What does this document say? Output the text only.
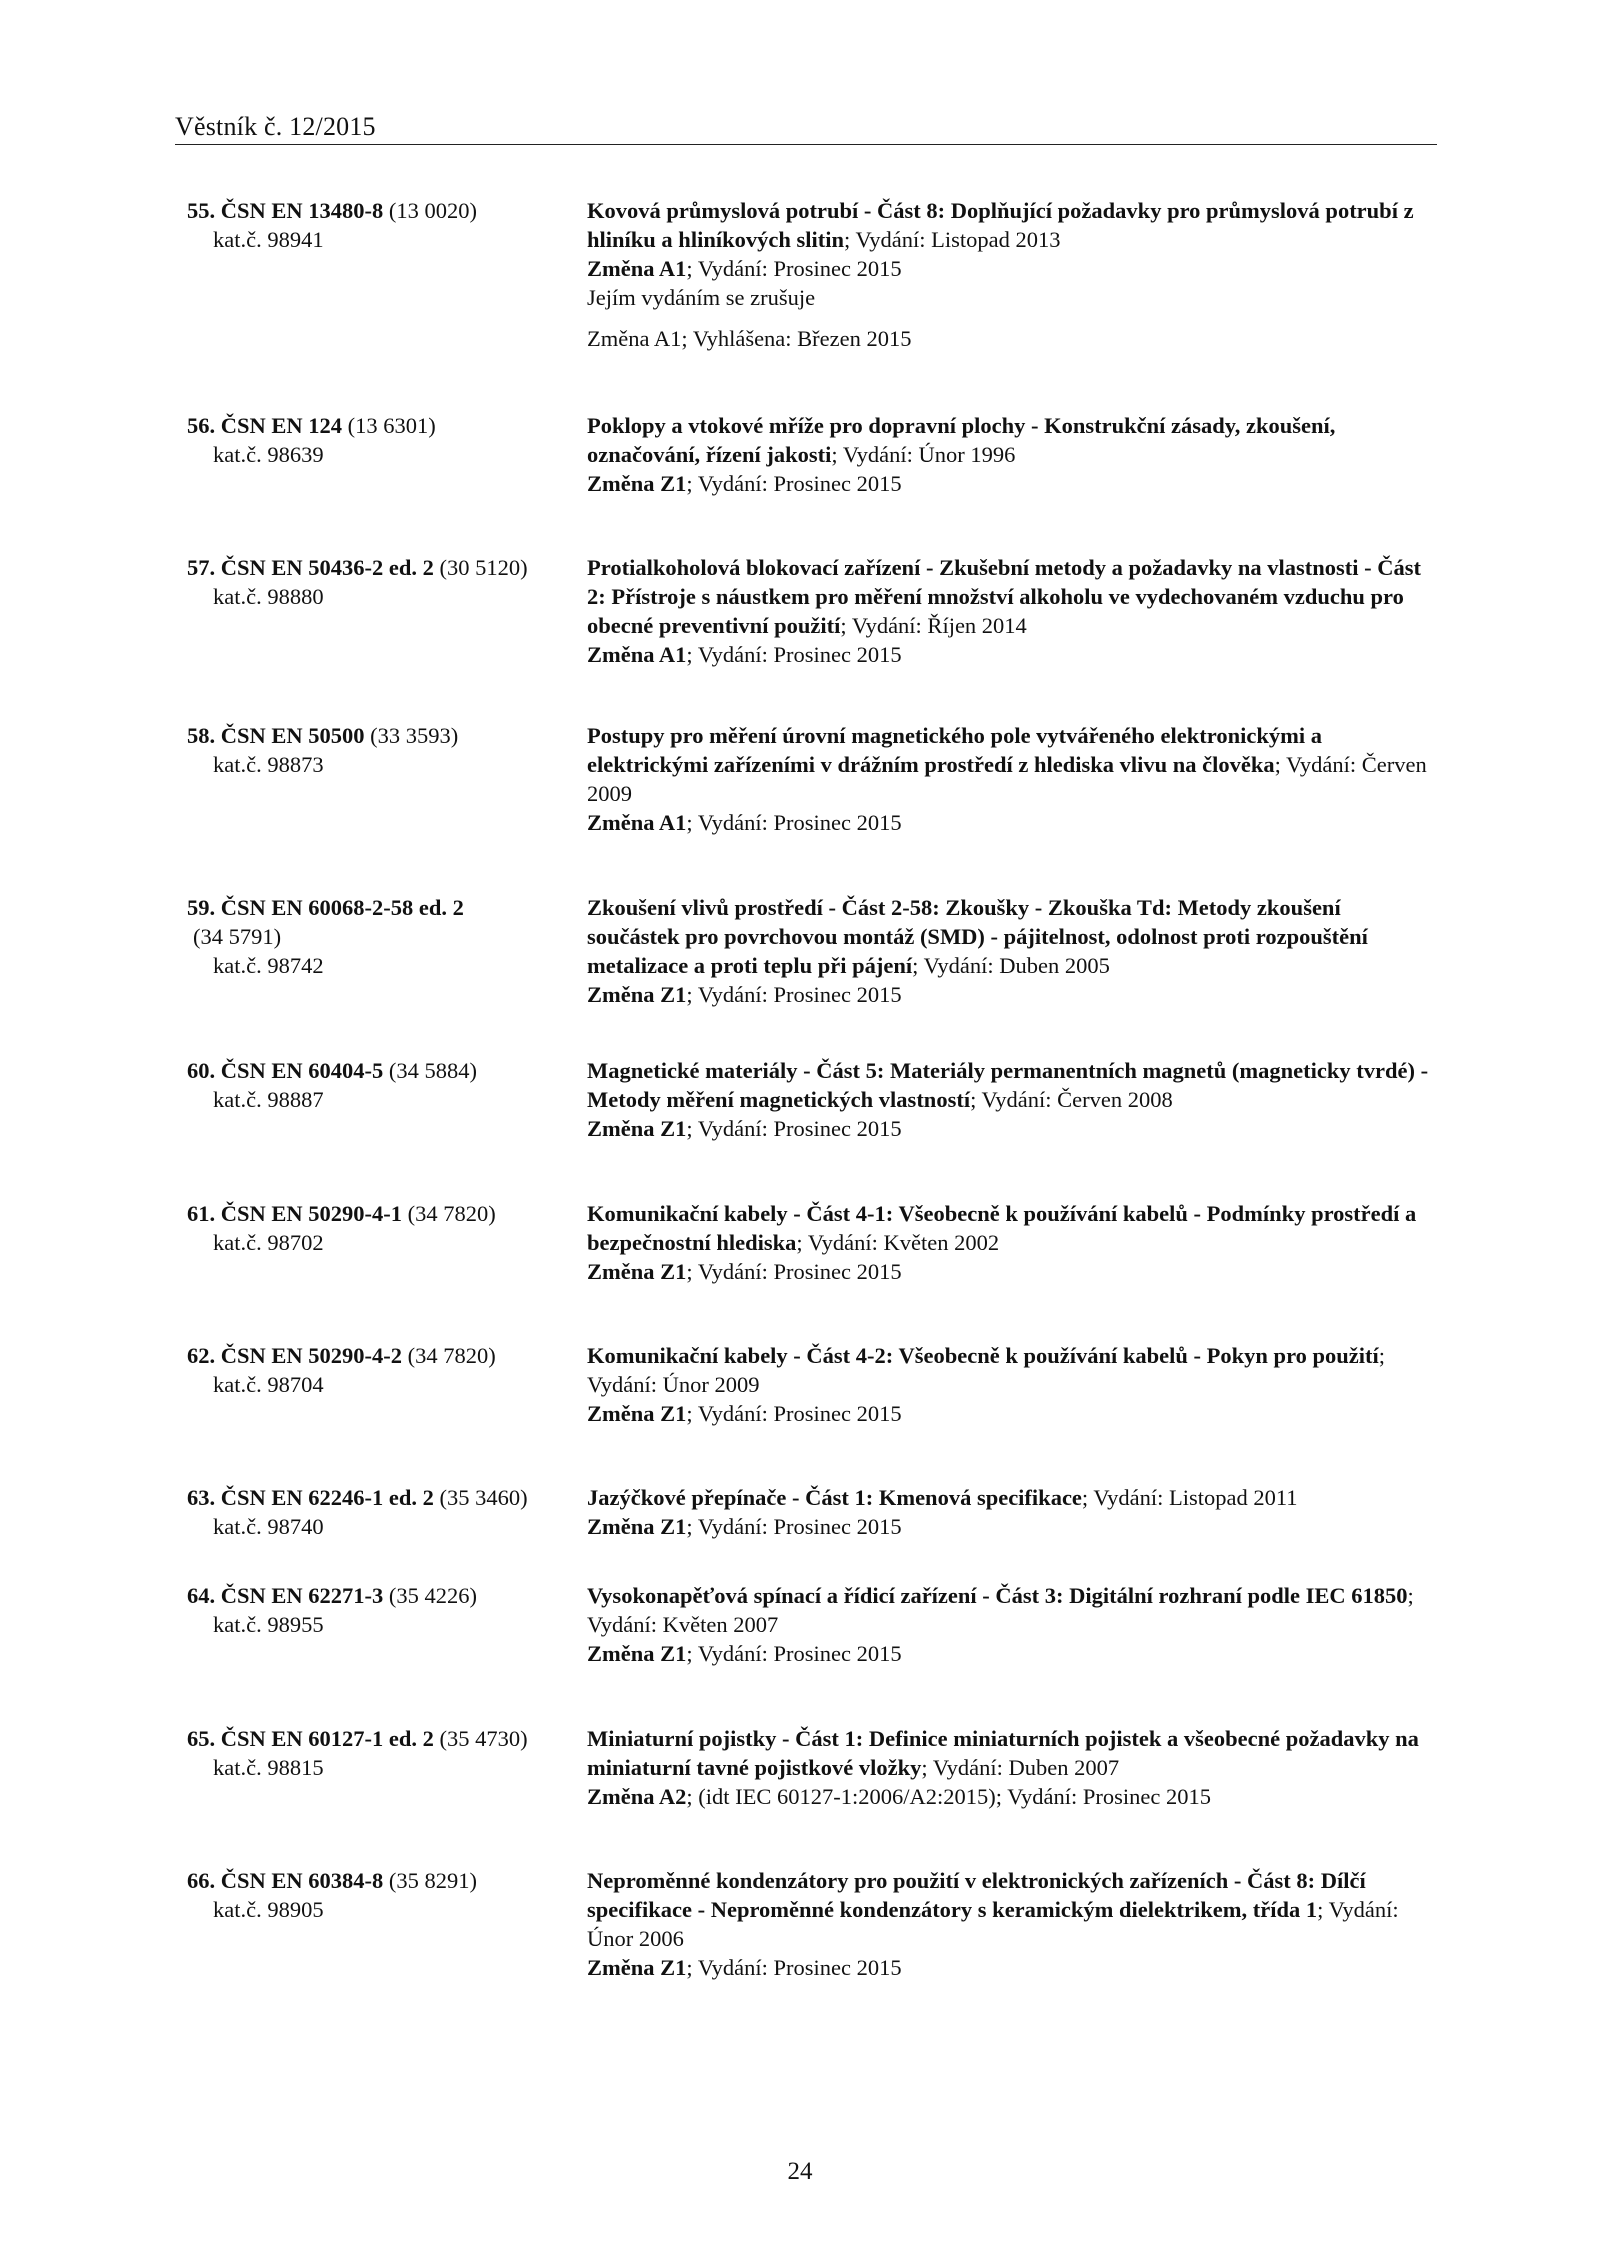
Věstník č. 12/2015
55. ČSN EN 13480-8 (13 0020)
kat.č. 98941
Kovová průmyslová potrubí - Část 8: Doplňující požadavky pro průmyslová potrubí z hliníku a hliníkových slitin; Vydání: Listopad 2013
Změna A1; Vydání: Prosinec 2015
Jejím vydáním se zrušuje
Změna A1; Vyhlášena: Březen 2015
56. ČSN EN 124 (13 6301)
kat.č. 98639
Poklopy a vtokové mříže pro dopravní plochy - Konstrukční zásady, zkoušení, označování, řízení jakosti; Vydání: Únor 1996
Změna Z1; Vydání: Prosinec 2015
57. ČSN EN 50436-2 ed. 2 (30 5120)
kat.č. 98880
Protialkoholová blokovací zařízení - Zkušební metody a požadavky na vlastnosti - Část 2: Přístroje s náustkem pro měření množství alkoholu ve vydechovaném vzduchu pro obecné preventivní použití; Vydání: Říjen 2014
Změna A1; Vydání: Prosinec 2015
58. ČSN EN 50500 (33 3593)
kat.č. 98873
Postupy pro měření úrovní magnetického pole vytvářeného elektronickými a elektrickými zařízeními v drážním prostředí z hlediska vlivu na člověka; Vydání: Červen 2009
Změna A1; Vydání: Prosinec 2015
59. ČSN EN 60068-2-58 ed. 2
(34 5791)
kat.č. 98742
Zkoušení vlivů prostředí - Část 2-58: Zkoušky - Zkouška Td: Metody zkoušení součástek pro povrchovou montáž (SMD) - pájitelnost, odolnost proti rozpouštění metalizace a proti teplu při pájení; Vydání: Duben 2005
Změna Z1; Vydání: Prosinec 2015
60. ČSN EN 60404-5 (34 5884)
kat.č. 98887
Magnetické materiály - Část 5: Materiály permanentních magnetů (magneticky tvrdé) - Metody měření magnetických vlastností; Vydání: Červen 2008
Změna Z1; Vydání: Prosinec 2015
61. ČSN EN 50290-4-1 (34 7820)
kat.č. 98702
Komunikační kabely - Část 4-1: Všeobecně k používání kabelů - Podmínky prostředí a bezpečnostní hlediska; Vydání: Květen 2002
Změna Z1; Vydání: Prosinec 2015
62. ČSN EN 50290-4-2 (34 7820)
kat.č. 98704
Komunikační kabely - Část 4-2: Všeobecně k používání kabelů - Pokyn pro použití; Vydání: Únor 2009
Změna Z1; Vydání: Prosinec 2015
63. ČSN EN 62246-1 ed. 2 (35 3460)
kat.č. 98740
Jazýčkové přepínače - Část 1: Kmenová specifikace; Vydání: Listopad 2011
Změna Z1; Vydání: Prosinec 2015
64. ČSN EN 62271-3 (35 4226)
kat.č. 98955
Vysokonapěťová spínací a řídicí zařízení - Část 3: Digitální rozhraní podle IEC 61850; Vydání: Květen 2007
Změna Z1; Vydání: Prosinec 2015
65. ČSN EN 60127-1 ed. 2 (35 4730)
kat.č. 98815
Miniaturní pojistky - Část 1: Definice miniaturních pojistek a všeobecné požadavky na miniaturní tavné pojistkové vložky; Vydání: Duben 2007
Změna A2; (idt IEC 60127-1:2006/A2:2015); Vydání: Prosinec 2015
66. ČSN EN 60384-8 (35 8291)
kat.č. 98905
Neproměnné kondenzátory pro použití v elektronických zařízeních - Část 8: Dílčí specifikace - Neproměnné kondenzátory s keramickým dielektrikem, třída 1; Vydání: Únor 2006
Změna Z1; Vydání: Prosinec 2015
24
